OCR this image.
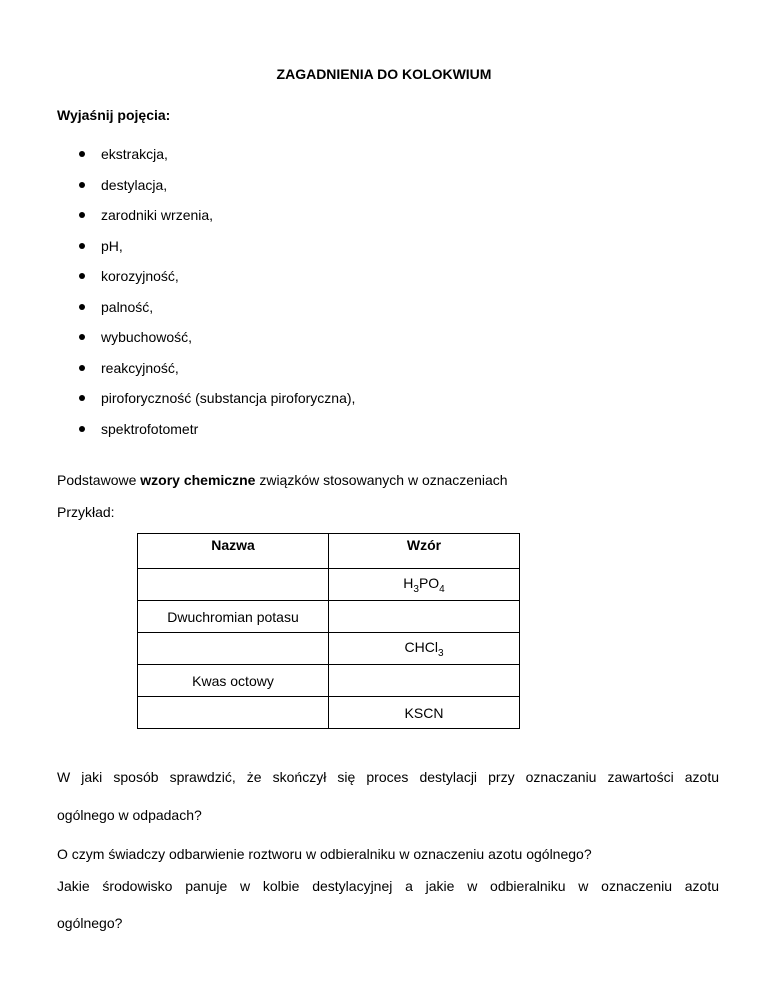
ZAGADNIENIA DO KOLOKWIUM
Wyjaśnij pojęcia:
ekstrakcja,
destylacja,
zarodniki wrzenia,
pH,
korozyjność,
palność,
wybuchowość,
reakcyjność,
piroforyczność (substancja piroforyczna),
spektrofotometr
Podstawowe wzory chemiczne związków stosowanych w oznaczeniach
Przykład:
Nazwa	Wzór
	$H_3PO_4$
Dwuchromian potasu	
	CHCl$_3$
Kwas octowy	
	KSCN
W jaki sposób sprawdzić, że skończył się proces destylacji przy oznaczaniu zawartości azotu
ogólnego w odpadach?
O czym świadczy odbarwienie roztworu w odbieralniku w oznaczeniu azotu ogólnego?
Jakie środowisko panuje w kolbie destylacyjnej a jakie w odbieralniku w oznaczeniu azotu
ogólnego?
